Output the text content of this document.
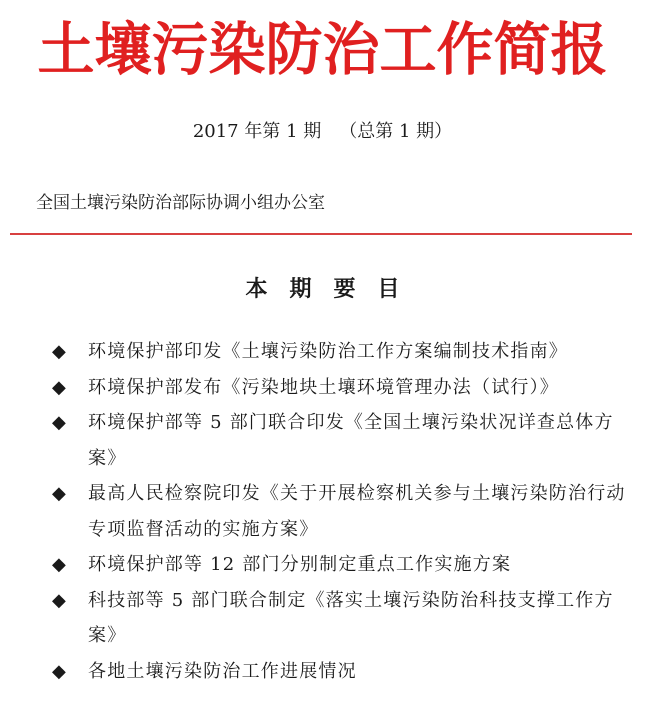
土壤污染防治工作简报
2017 年第 1 期 （总第 1 期）
全国土壤污染防治部际协调小组办公室
本期要目
◆ 环境保护部印发《土壤污染防治工作方案编制技术指南》
◆ 环境保护部发布《污染地块土壤环境管理办法（试行）》
◆ 环境保护部等 5 部门联合印发《全国土壤污染状况详查总体方案》
◆ 最高人民检察院印发《关于开展检察机关参与土壤污染防治行动专项监督活动的实施方案》
◆ 环境保护部等 12 部门分别制定重点工作实施方案
◆ 科技部等 5 部门联合制定《落实土壤污染防治科技支撑工作方案》
◆ 各地土壤污染防治工作进展情况
